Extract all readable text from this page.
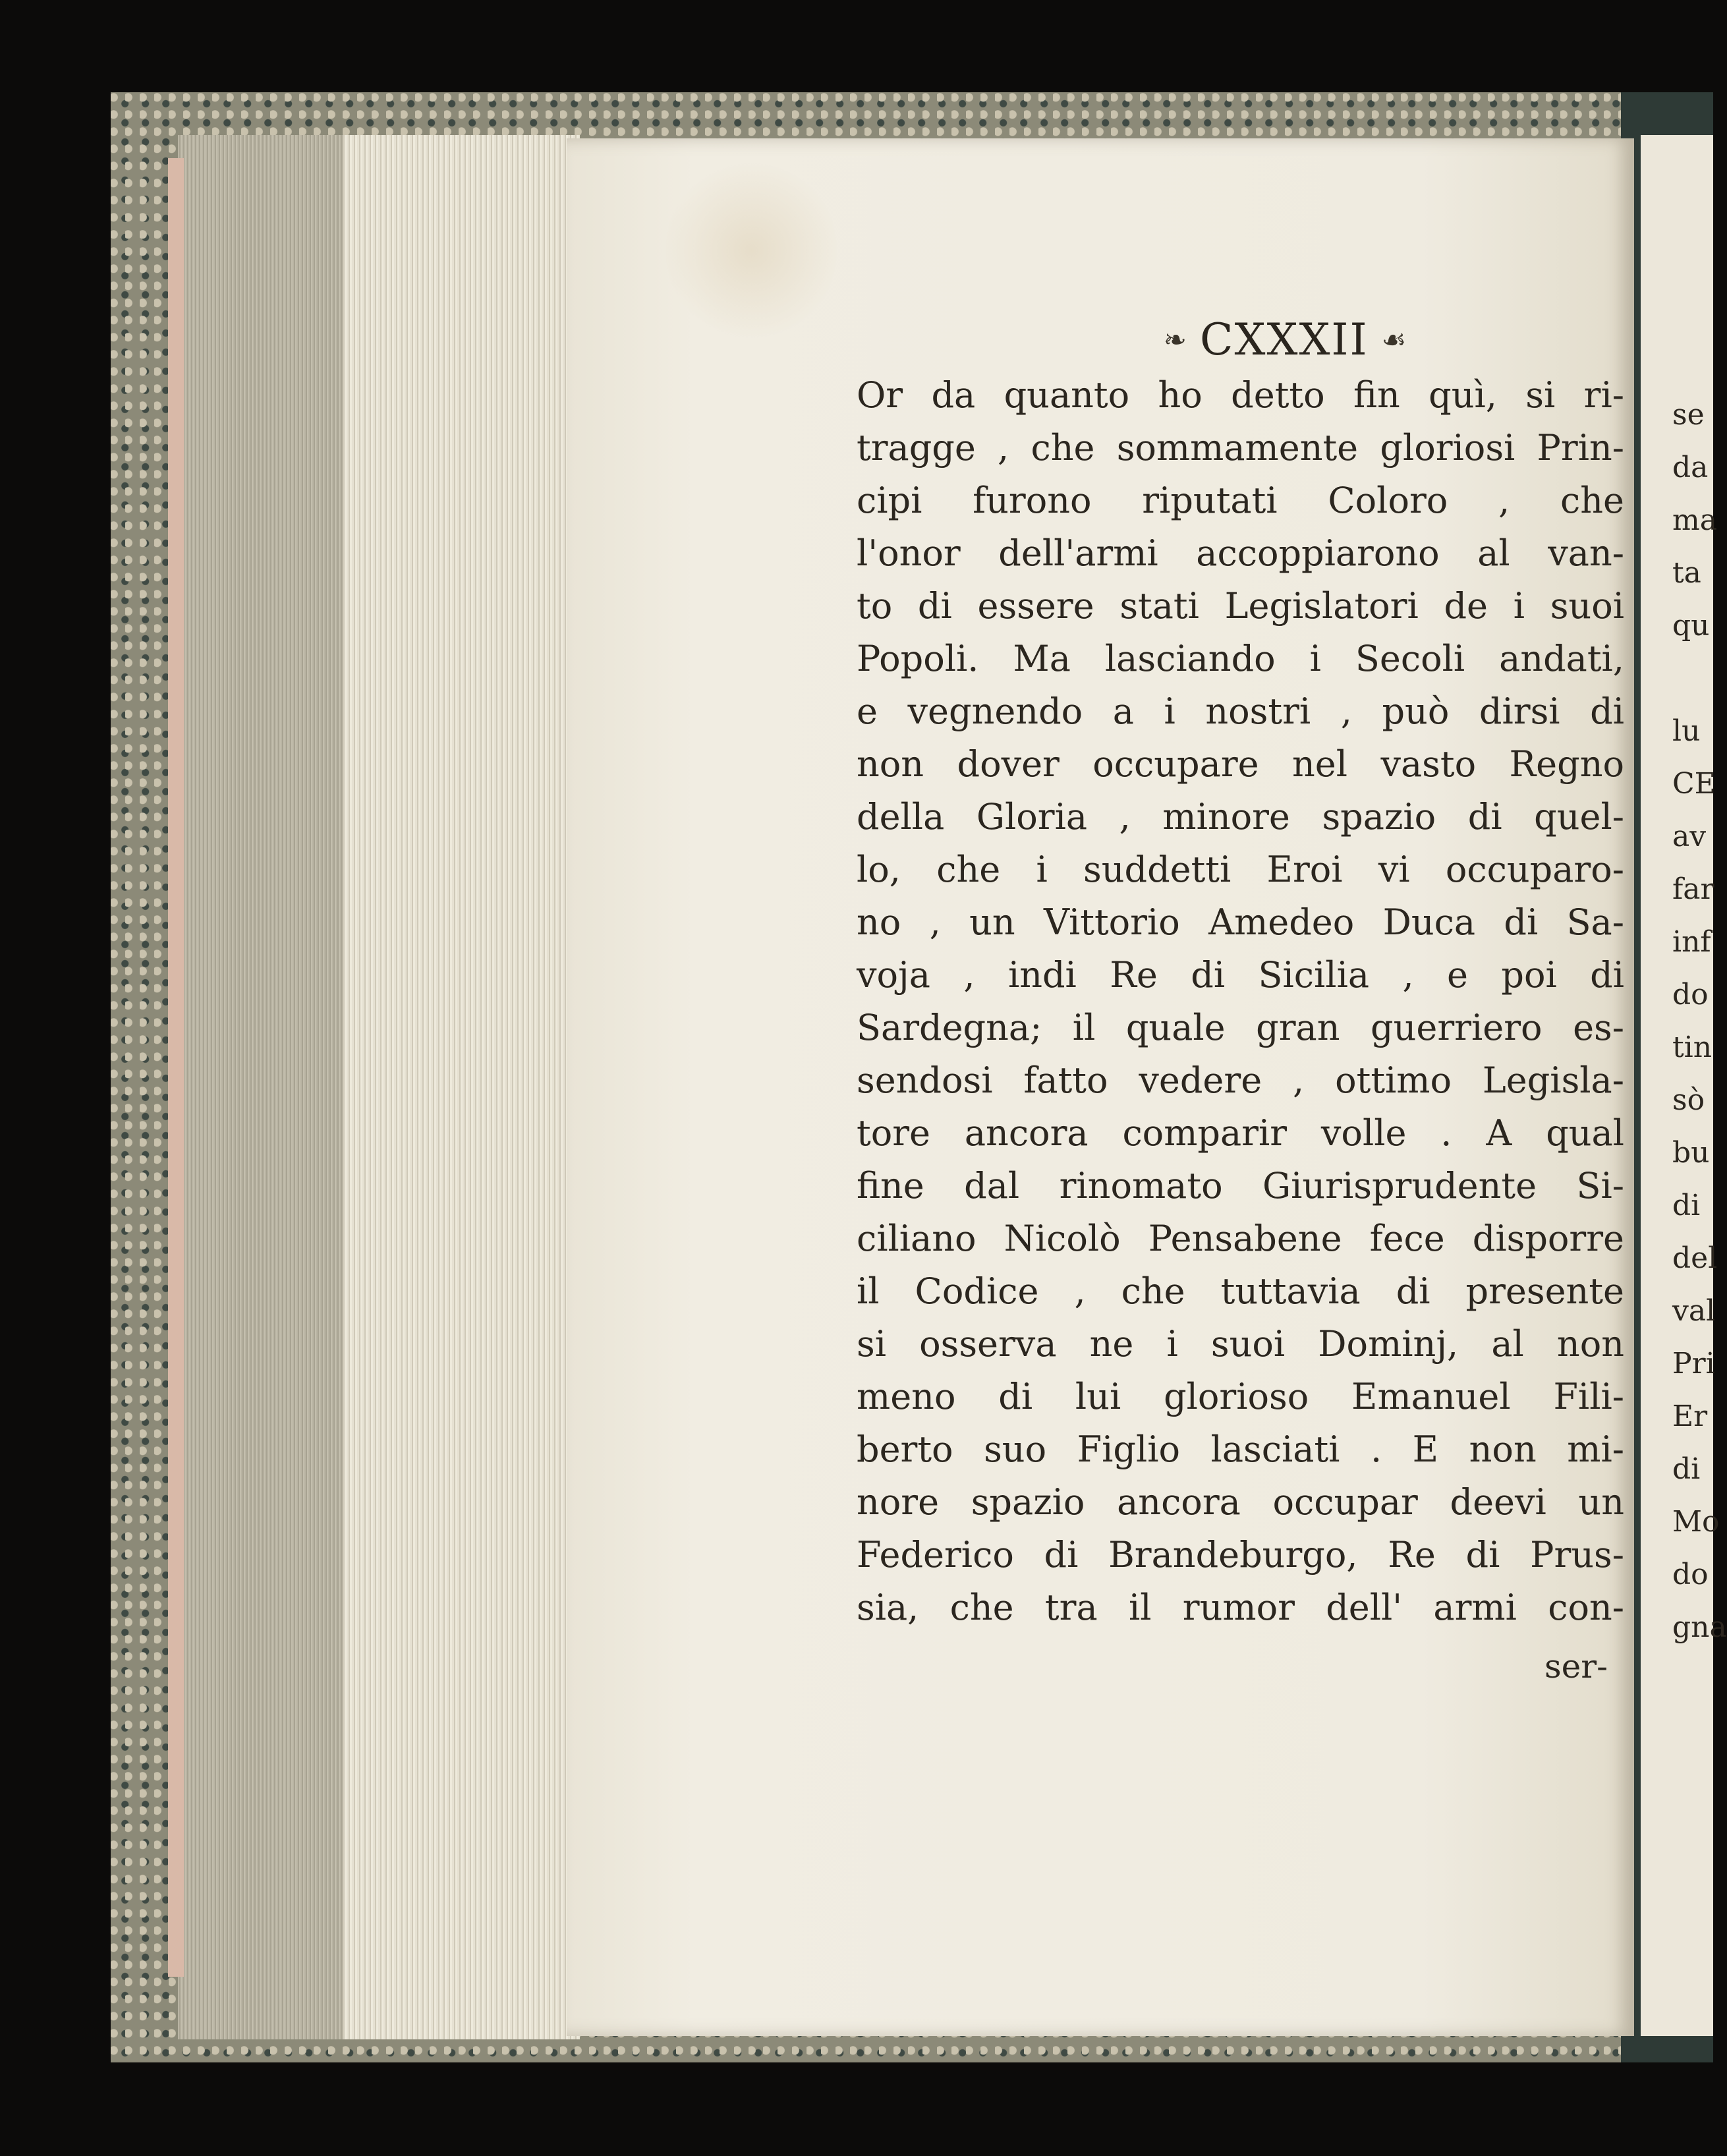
❧ CXXXII ☙
Or da quanto ho detto fin quì, si ri-
tragge , che sommamente gloriosi Prin-
cipi furono riputati Coloro , che
l'onor dell'armi accoppiarono al van-
to di essere stati Legislatori de i suoi
Popoli. Ma lasciando i Secoli andati,
e vegnendo a i nostri , può dirsi di
non dover occupare nel vasto Regno
della Gloria , minore spazio di quel-
lo, che i suddetti Eroi vi occuparo-
no , un Vittorio Amedeo Duca di Sa-
voja , indi Re di Sicilia , e poi di
Sardegna; il quale gran guerriero es-
sendosi fatto vedere , ottimo Legisla-
tore ancora comparir volle . A qual
fine dal rinomato Giurisprudente Si-
ciliano Nicolò Pensabene fece disporre
il Codice , che tuttavia di presente
si osserva ne i suoi Dominj, al non
meno di lui glorioso Emanuel Fili-
berto suo Figlio lasciati . E non mi-
nore spazio ancora occupar deevi un
Federico di Brandeburgo, Re di Prus-
sia, che tra il rumor dell' armi con-
ser-
se
da
ma
ta
qu
lu
CE
av
far
inf
do
tin
sò
bu
di
del
val
Pri
Er
di
Mo
do
gna
